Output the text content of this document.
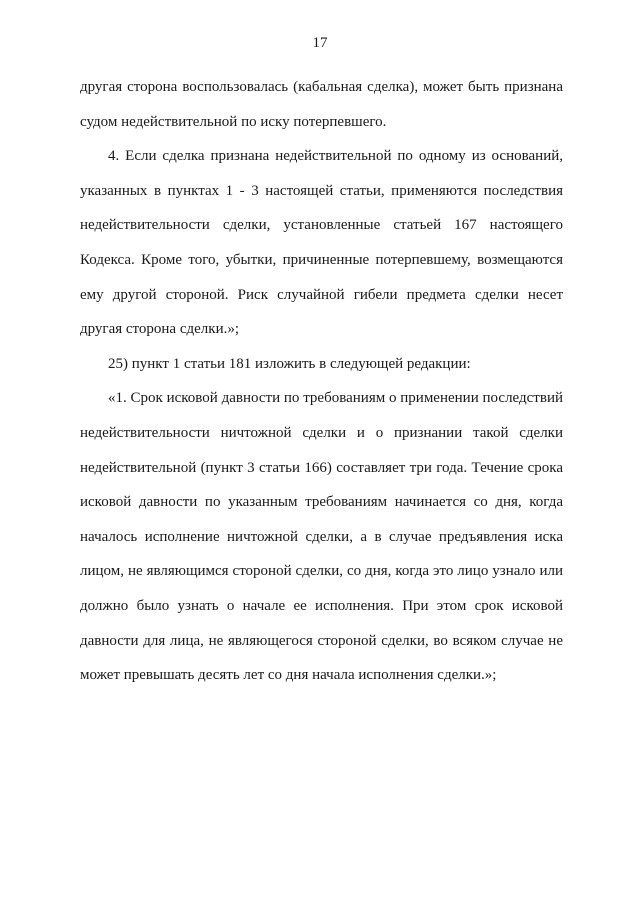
17
другая сторона воспользовалась (кабальная сделка), может быть признана
судом недействительной по иску потерпевшего.
4. Если сделка признана недействительной по одному из оснований,
указанных в пунктах 1 - 3 настоящей статьи, применяются последствия
недействительности сделки, установленные статьей 167 настоящего
Кодекса. Кроме того, убытки, причиненные потерпевшему, возмещаются
ему другой стороной. Риск случайной гибели предмета сделки несет
другая сторона сделки.»;
25) пункт 1 статьи 181 изложить в следующей редакции:
«1. Срок исковой давности по требованиям о применении последствий
недействительности ничтожной сделки и о признании такой сделки
недействительной (пункт 3 статьи 166) составляет три года. Течение срока
исковой давности по указанным требованиям начинается со дня, когда
началось исполнение ничтожной сделки, а в случае предъявления иска
лицом, не являющимся стороной сделки, со дня, когда это лицо узнало или
должно было узнать о начале ее исполнения. При этом срок исковой
давности для лица, не являющегося стороной сделки, во всяком случае не
может превышать десять лет со дня начала исполнения сделки.»;
